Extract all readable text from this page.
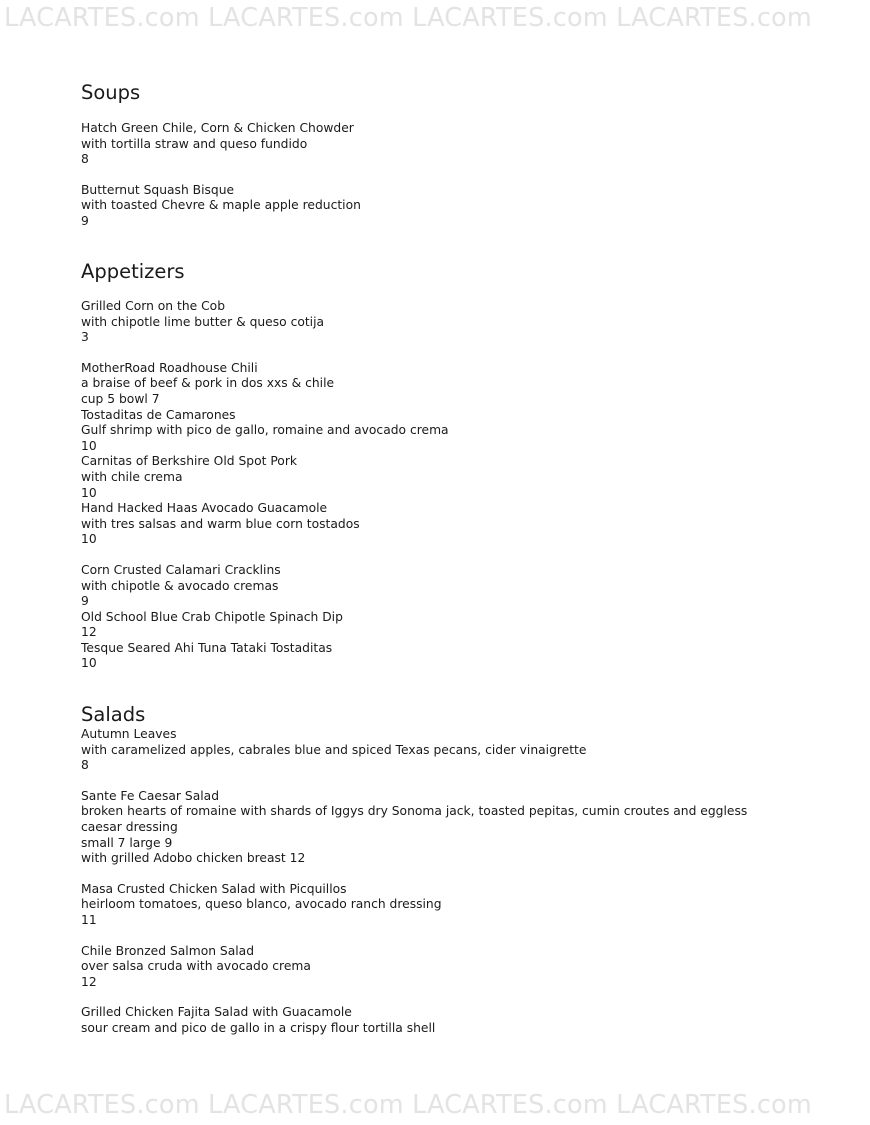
LACARTES.com LACARTES.com LACARTES.com LACARTES.com
Soups
Hatch Green Chile, Corn & Chicken Chowder
with tortilla straw and queso fundido
8
Butternut Squash Bisque
with toasted Chevre & maple apple reduction
9
Appetizers
Grilled Corn on the Cob
with chipotle lime butter & queso cotija
3
MotherRoad Roadhouse Chili
a braise of beef & pork in dos xxs & chile
cup 5 bowl 7
Tostaditas de Camarones
Gulf shrimp with pico de gallo, romaine and avocado crema
10
Carnitas of Berkshire Old Spot Pork
with chile crema
10
Hand Hacked Haas Avocado Guacamole
with tres salsas and warm blue corn tostados
10
Corn Crusted Calamari Cracklins
with chipotle & avocado cremas
9
Old School Blue Crab Chipotle Spinach Dip
12
Tesque Seared Ahi Tuna Tataki Tostaditas
10
Salads
Autumn Leaves
with caramelized apples, cabrales blue and spiced Texas pecans, cider vinaigrette
8
Sante Fe Caesar Salad
broken hearts of romaine with shards of Iggys dry Sonoma jack, toasted pepitas, cumin croutes and eggless
caesar dressing
small 7 large 9
with grilled Adobo chicken breast 12
Masa Crusted Chicken Salad with Picquillos
heirloom tomatoes, queso blanco, avocado ranch dressing
11
Chile Bronzed Salmon Salad
over salsa cruda with avocado crema
12
Grilled Chicken Fajita Salad with Guacamole
sour cream and pico de gallo in a crispy flour tortilla shell
LACARTES.com LACARTES.com LACARTES.com LACARTES.com
